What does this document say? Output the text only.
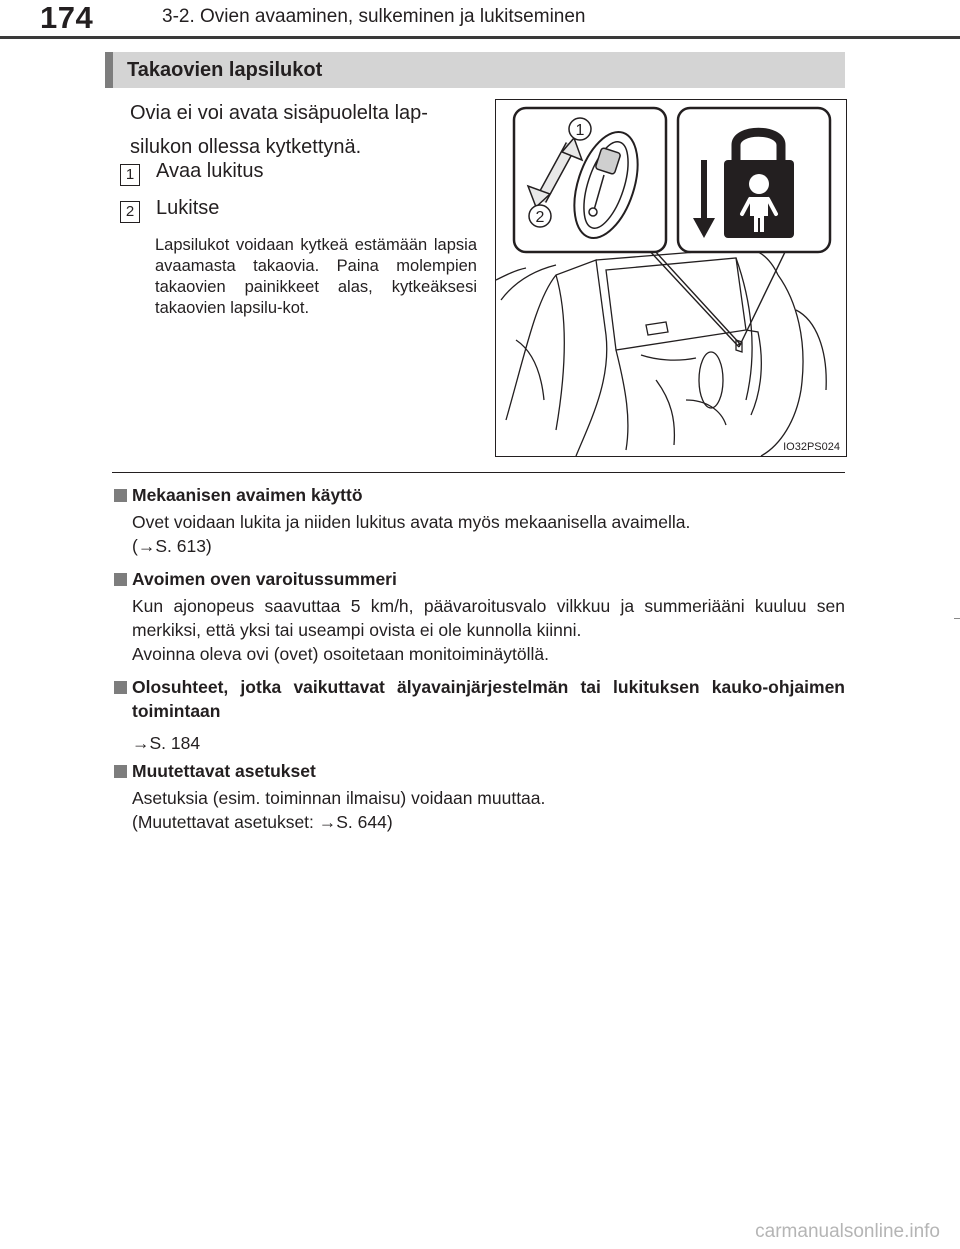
174	3-2. Ovien avaaminen, sulkeminen ja lukitseminen
Takaovien lapsilukot
Ovia ei voi avata sisäpuolelta lap-silukon ollessa kytkettynä.
1 Avaa lukitus
2 Lukitse
Lapsilukot voidaan kytkeä estämään lapsia avaamasta takaovia. Paina molempien takaovien painikkeet alas, kytkeäksesi takaovien lapsilu-kot.
1
2
IO32PS024
Mekaanisen avaimen käyttö

Ovet voidaan lukita ja niiden lukitus avata myös mekaanisella avaimella.

(→S. 613)

Avoimen oven varoitussummeri

Kun ajonopeus saavuttaa 5 km/h, päävaroitusvalo vilkkuu ja summeriääni kuuluu sen merkiksi, että yksi tai useampi ovista ei ole kunnolla kiinni.

Avoinna oleva ovi (ovet) osoitetaan monitoiminäytöllä.

Olosuhteet, jotka vaikuttavat älyavainjärjestelmän tai lukituksen kauko-ohjaimen toimintaan

→S. 184

Muutettavat asetukset

Asetuksia (esim. toiminnan ilmaisu) voidaan muuttaa.

(Muutettavat asetukset: →S. 644)

carmanualsonline.info
